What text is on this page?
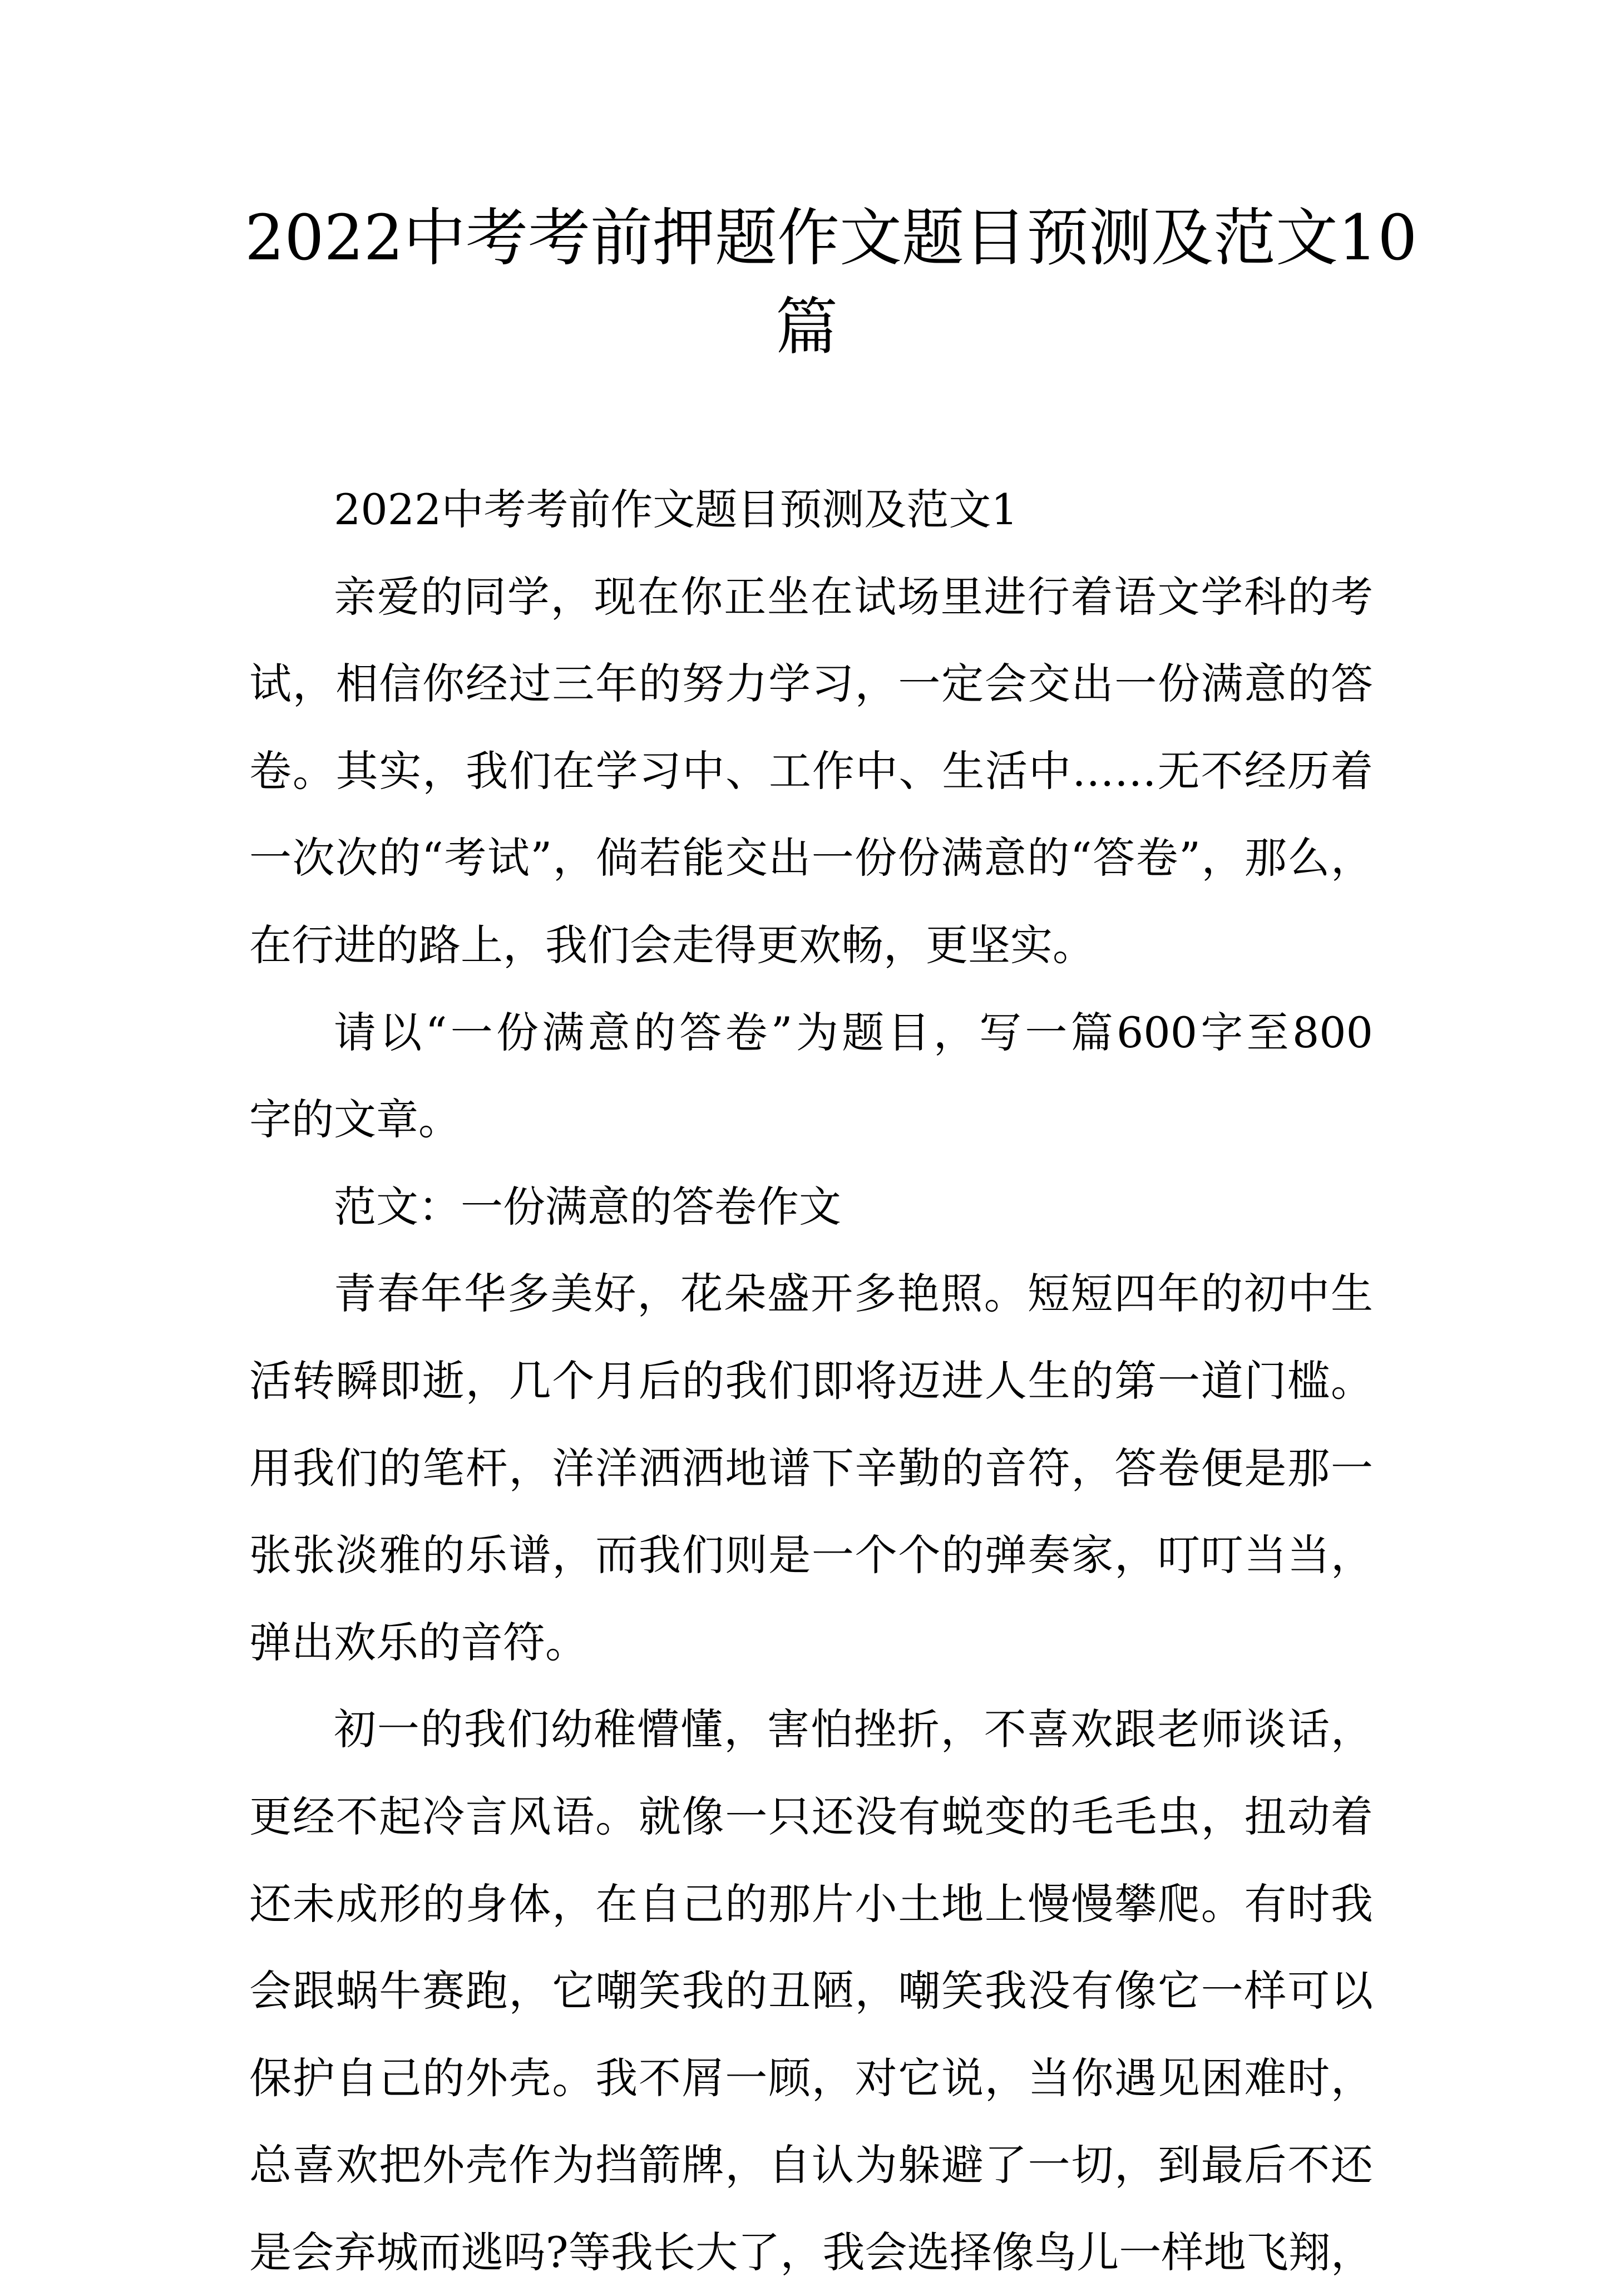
2022中考考前押题作文题目预测及范文10
篇
2022中考考前作文题目预测及范文1
亲爱的同学，现在你正坐在试场里进行着语文学科的考
试，相信你经过三年的努力学习，一定会交出一份满意的答
卷。其实，我们在学习中、工作中、生活中……无不经历着
一次次的“考试”，倘若能交出一份份满意的“答卷”，那么，
在行进的路上，我们会走得更欢畅，更坚实。
请以“一份满意的答卷”为题目，写一篇600字至800
字的文章。
范文：一份满意的答卷作文
青春年华多美好，花朵盛开多艳照。短短四年的初中生
活转瞬即逝，几个月后的我们即将迈进人生的第一道门槛。
用我们的笔杆，洋洋洒洒地谱下辛勤的音符，答卷便是那一
张张淡雅的乐谱，而我们则是一个个的弹奏家，叮叮当当，
弹出欢乐的音符。
初一的我们幼稚懵懂，害怕挫折，不喜欢跟老师谈话，
更经不起冷言风语。就像一只还没有蜕变的毛毛虫，扭动着
还未成形的身体，在自己的那片小土地上慢慢攀爬。有时我
会跟蜗牛赛跑，它嘲笑我的丑陋，嘲笑我没有像它一样可以
保护自己的外壳。我不屑一顾，对它说，当你遇见困难时，
总喜欢把外壳作为挡箭牌，自认为躲避了一切，到最后不还
是会弃城而逃吗?等我长大了，我会选择像鸟儿一样地飞翔，
